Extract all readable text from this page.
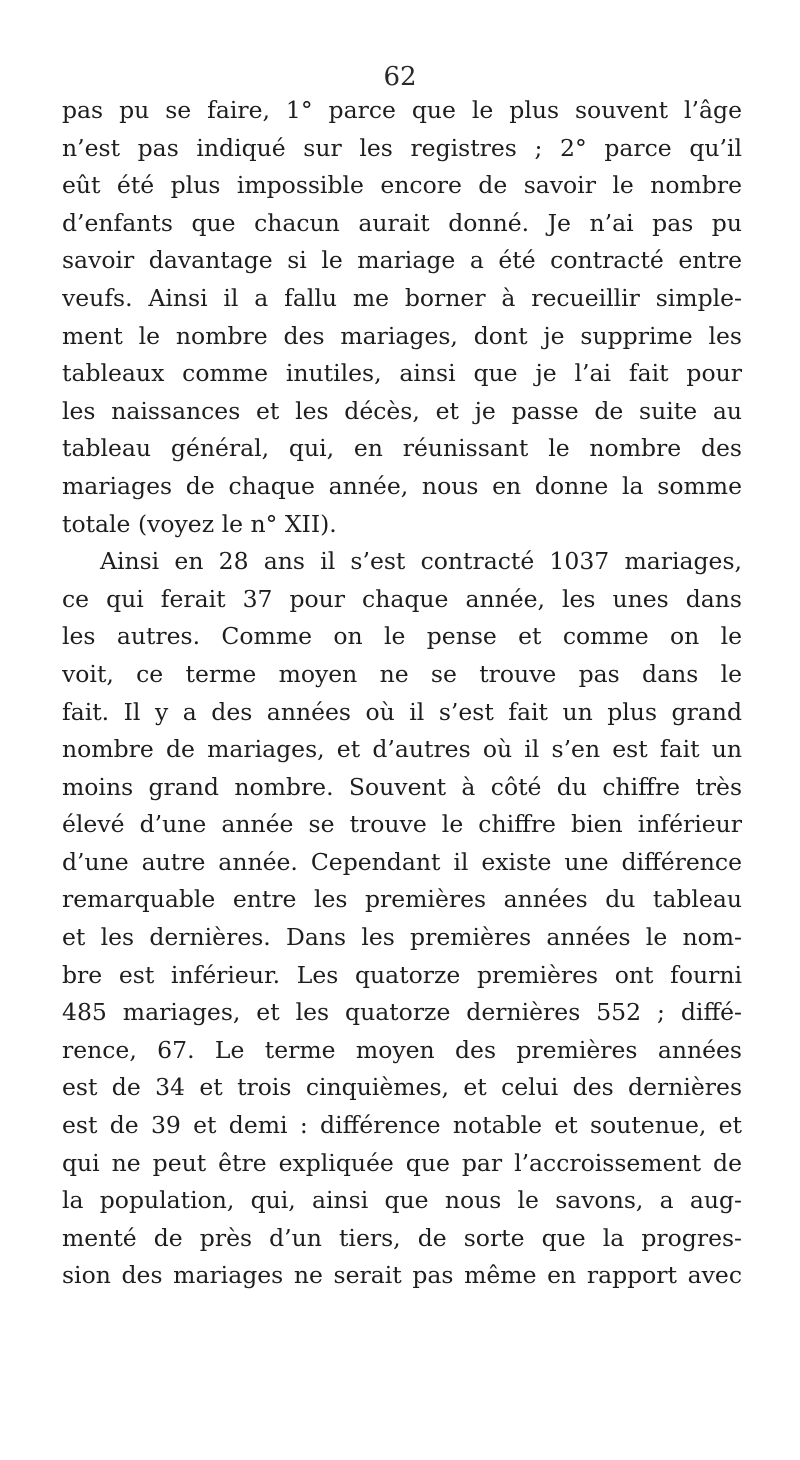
62
pas pu se faire, 1° parce que le plus souvent l’âge
n’est pas indiqué sur les registres ; 2° parce qu’il
eût été plus impossible encore de savoir le nombre
d’enfants que chacun aurait donné. Je n’ai pas pu
savoir davantage si le mariage a été contracté entre
veufs. Ainsi il a fallu me borner à recueillir simple-
ment le nombre des mariages, dont je supprime les
tableaux comme inutiles, ainsi que je l’ai fait pour
les naissances et les décès, et je passe de suite au
tableau général, qui, en réunissant le nombre des
mariages de chaque année, nous en donne la somme
totale (voyez le n° XII).
Ainsi en 28 ans il s’est contracté 1037 mariages,
ce qui ferait 37 pour chaque année, les unes dans
les autres. Comme on le pense et comme on le
voit, ce terme moyen ne se trouve pas dans le
fait. Il y a des années où il s’est fait un plus grand
nombre de mariages, et d’autres où il s’en est fait un
moins grand nombre. Souvent à côté du chiffre très
élevé d’une année se trouve le chiffre bien inférieur
d’une autre année. Cependant il existe une différence
remarquable entre les premières années du tableau
et les dernières. Dans les premières années le nom-
bre est inférieur. Les quatorze premières ont fourni
485 mariages, et les quatorze dernières 552 ; diffé-
rence, 67. Le terme moyen des premières années
est de 34 et trois cinquièmes, et celui des dernières
est de 39 et demi : différence notable et soutenue, et
qui ne peut être expliquée que par l’accroissement de
la population, qui, ainsi que nous le savons, a aug-
menté de près d’un tiers, de sorte que la progres-
sion des mariages ne serait pas même en rapport avec
